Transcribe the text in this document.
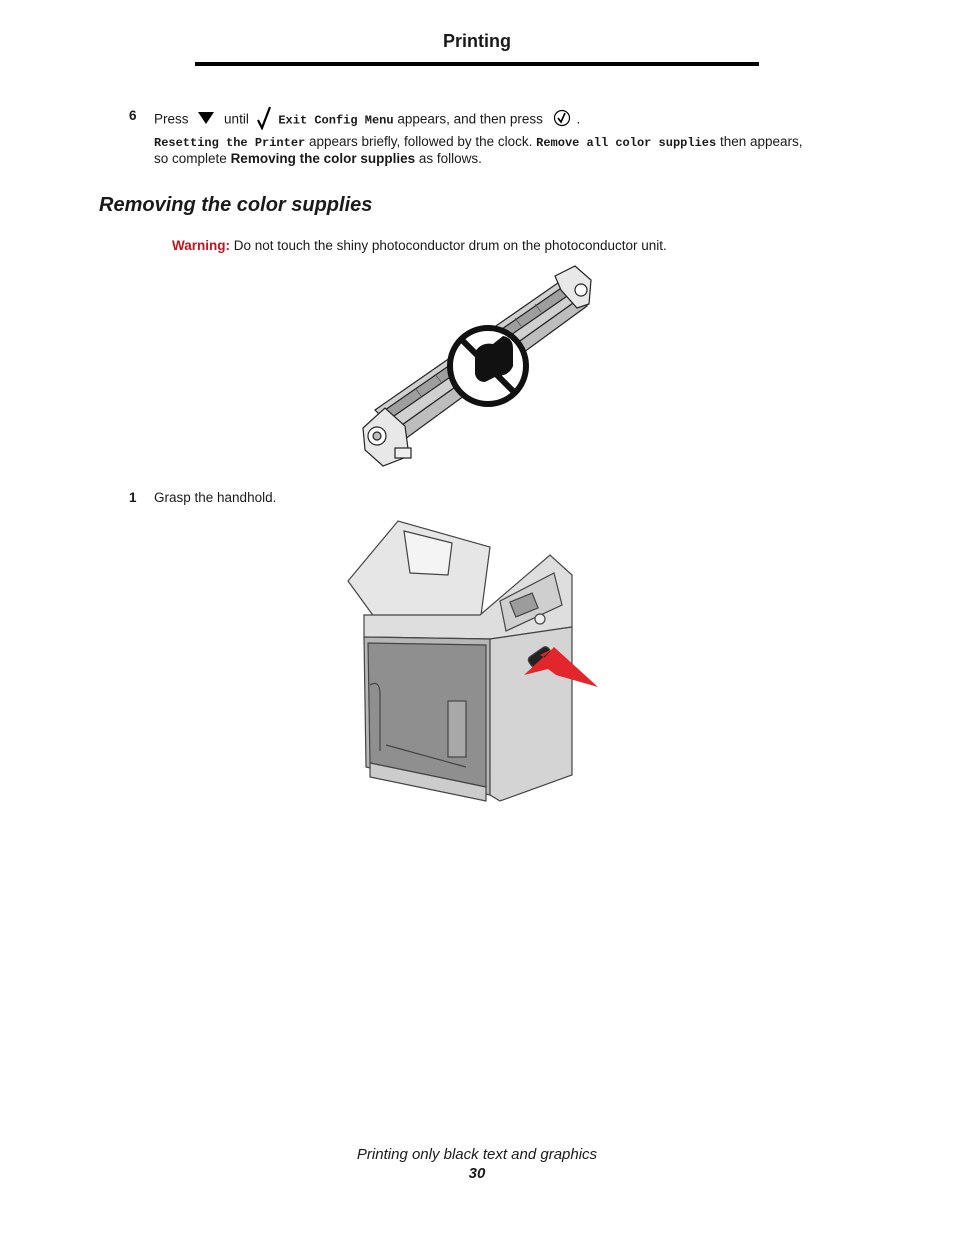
Printing
6 Press	until Exit Config Menu appears, and then press .
Resetting the Printer appears briefly, followed by the clock. Remove all color supplies then appears,
so complete Removing the color supplies as follows.
Removing the color supplies
Warning: Do not touch the shiny photoconductor drum on the photoconductor unit.
1 Grasp the handhold.
Printing only black text and graphics
30
